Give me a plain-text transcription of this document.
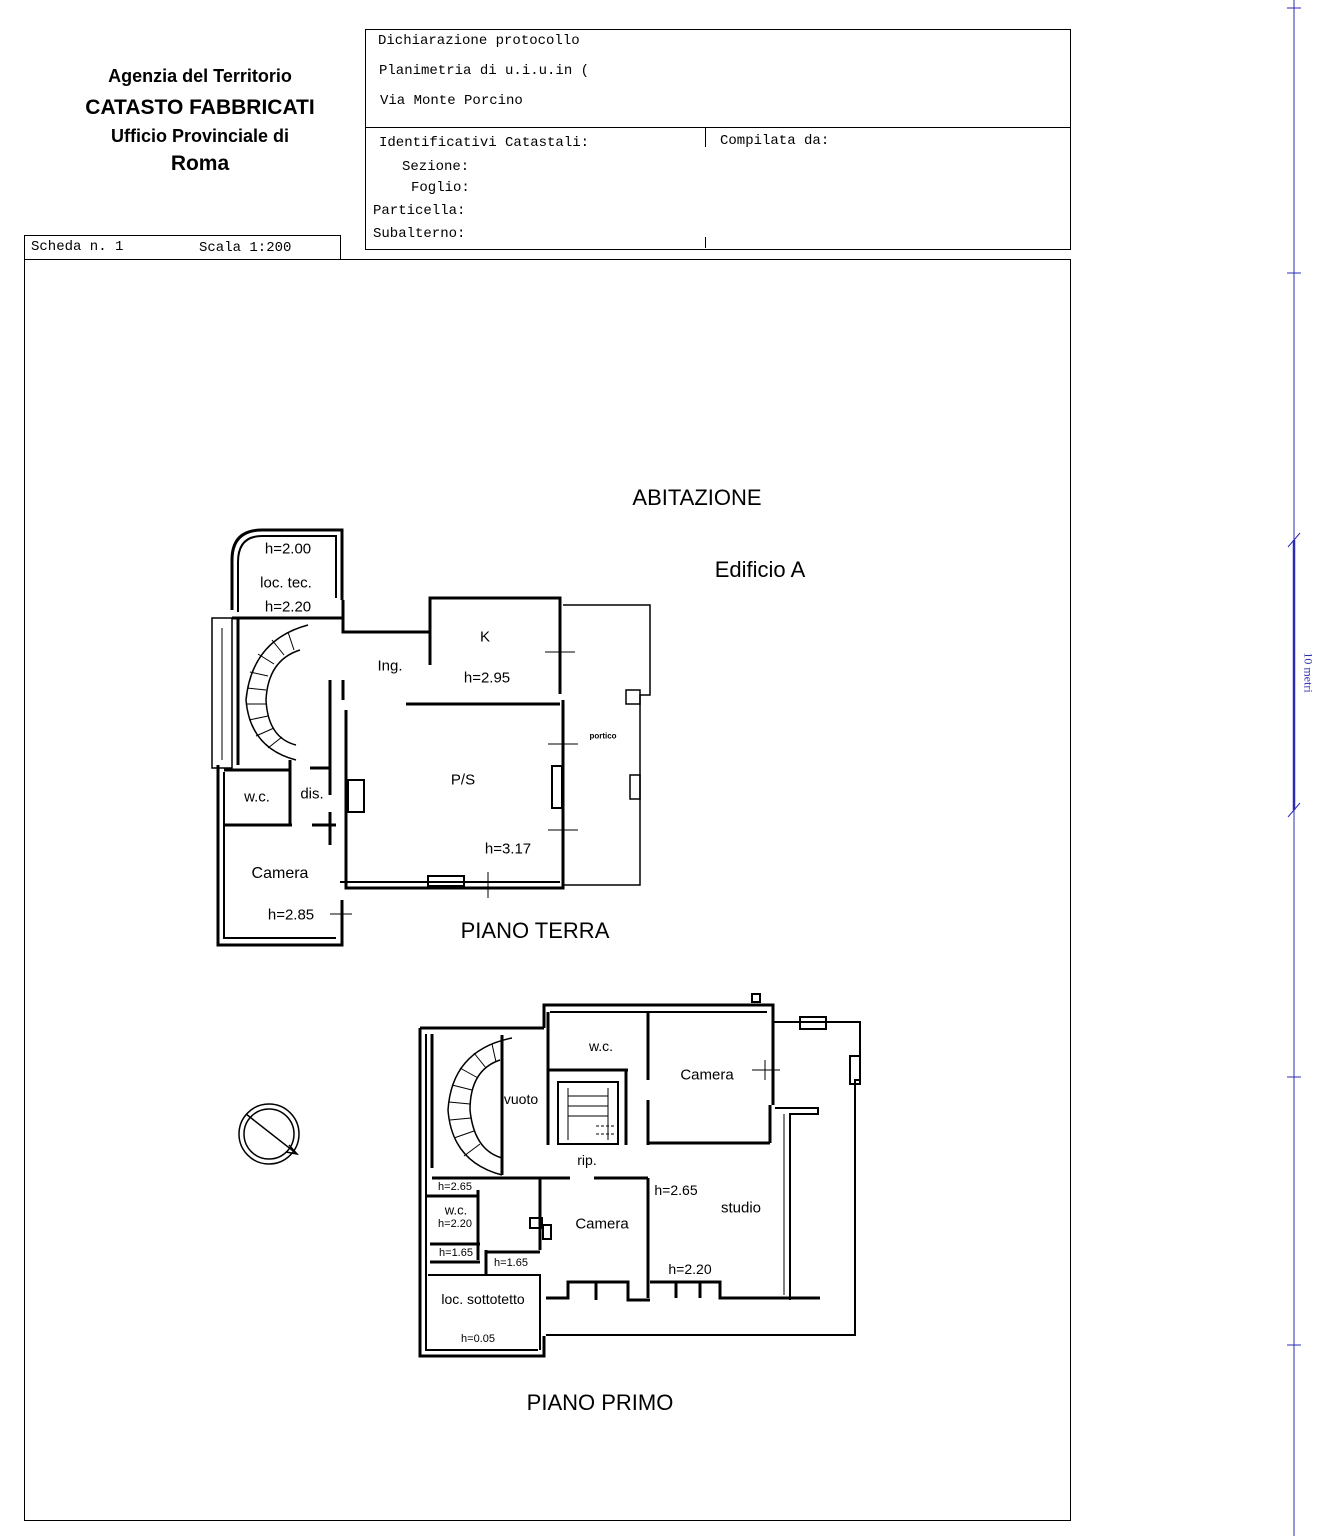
Agenzia del Territorio
CATASTO FABBRICATI
Ufficio Provinciale di
Roma
Dichiarazione protocollo
Planimetria di u.i.u.in (
Via Monte Porcino
Identificativi Catastali:	Compilata da:
Sezione:
Foglio:
Particella:
Subalterno:
Scheda n. 1	Scala 1:200
ABITAZIONE
Edificio A
PIANO TERRA
PIANO PRIMO
h=2.00
loc. tec.
h=2.20
Ing.
K
h=2.95
portico
P/S
h=3.17
w.c. dis.
Camera
h=2.85
w.c.
Camera
vuoto
rip.
h=2.65	h=2.65
w.c.
h=2.20	Camera
studio
h=1.65
h=1.65	h=2.20
loc. sottotetto
h=0.05
10 metri
